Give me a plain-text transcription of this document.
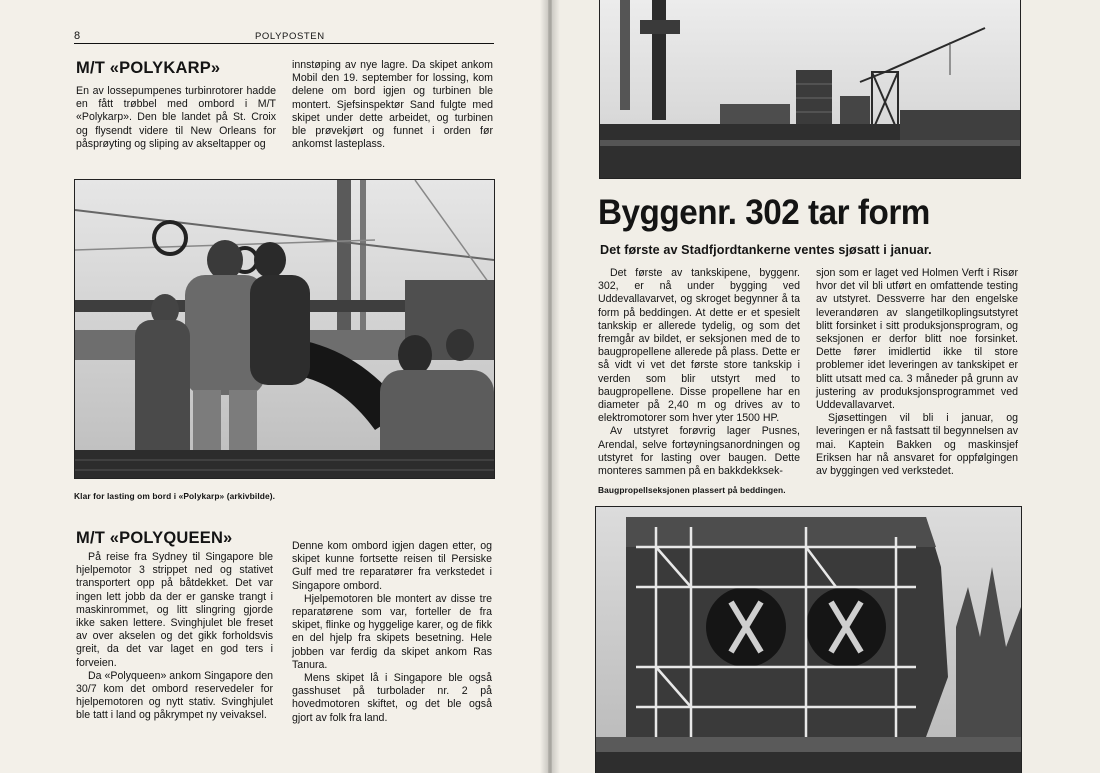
8	POLYPOSTEN
M/T «POLYKARP»

En av lossepumpenes turbinrotorer hadde en fått trøbbel med ombord i M/T «Polykarp». Den ble landet på St. Croix og flysendt videre til New Orleans for påsprøyting og sliping av akseltapper og

innstøping av nye lagre. Da skipet ankom Mobil den 19. september for lossing, kom delene om bord igjen og turbinen ble montert. Sjefsinspektør Sand fulgte med skipet under dette arbeidet, og turbinen ble prøvekjørt og funnet i orden før ankomst lasteplass.

Klar for lasting om bord i «Polykarp» (arkivbilde).
M/T «POLYQUEEN»

På reise fra Sydney til Singapore ble hjelpemotor 3 strippet ned og stativet transportert opp på båtdekket. Det var ingen lett jobb da der er ganske trangt i maskinrommet, og litt slingring gjorde ikke saken lettere. Svinghjulet ble freset av over akselen og det gikk forholdsvis greit, da det var laget en god ters i forveien.

Da «Polyqueen» ankom Singapore den 30/7 kom det ombord reservedeler for hjelpemotoren og nytt stativ. Svinghjulet ble tatt i land og påkrympet ny veivaksel.

Denne kom ombord igjen dagen etter, og skipet kunne fortsette reisen til Persiske Gulf med tre reparatører fra verkstedet i Singapore ombord.

Hjelpemotoren ble montert av disse tre reparatørene som var, forteller de fra skipet, flinke og hyggelige karer, og de fikk en del hjelp fra skipets besetning. Hele jobben var ferdig da skipet ankom Ras Tanura.

Mens skipet lå i Singapore ble også gasshuset på turbolader nr. 2 på hovedmotoren skiftet, og det ble også gjort av folk fra land.

Byggenr. 302 tar form
Det første av Stadfjordtankerne ventes sjøsatt i januar.

Det første av tankskipene, byggenr. 302, er nå under bygging ved Uddevallavarvet, og skroget begynner å ta form på beddingen. At dette er et spesielt tankskip er allerede tydelig, og som det fremgår av bildet, er seksjonen med de to baugpropellene allerede på plass. Dette er så vidt vi vet det første store tankskip i verden som blir utstyrt med to baugpropellene. Disse propellene har en diameter på 2,40 m og drives av to elektromotorer som hver yter 1500 HP.

Av utstyret forøvrig lager Pusnes, Arendal, selve fortøyningsanordningen og utstyret for lasting over baugen. Dette monteres sammen på en bakkdekksek-

sjon som er laget ved Holmen Verft i Risør hvor det vil bli utført en omfattende testing av utstyret. Dessverre har den engelske leverandøren av slangetilkoplingsutstyret blitt forsinket i sitt produksjonsprogram, og seksjonen er derfor blitt noe forsinket. Dette fører imidlertid ikke til store problemer idet leveringen av tankskipet er blitt utsatt med ca. 3 måneder på grunn av justering av produksjonsprogrammet ved Uddevallavarvet.

Sjøsettingen vil bli i januar, og leveringen er nå fastsatt til begynnelsen av mai. Kaptein Bakken og maskinsjef Eriksen har nå ansvaret for oppfølgingen av byggingen ved verkstedet.

Baugpropellseksjonen plassert på beddingen.
